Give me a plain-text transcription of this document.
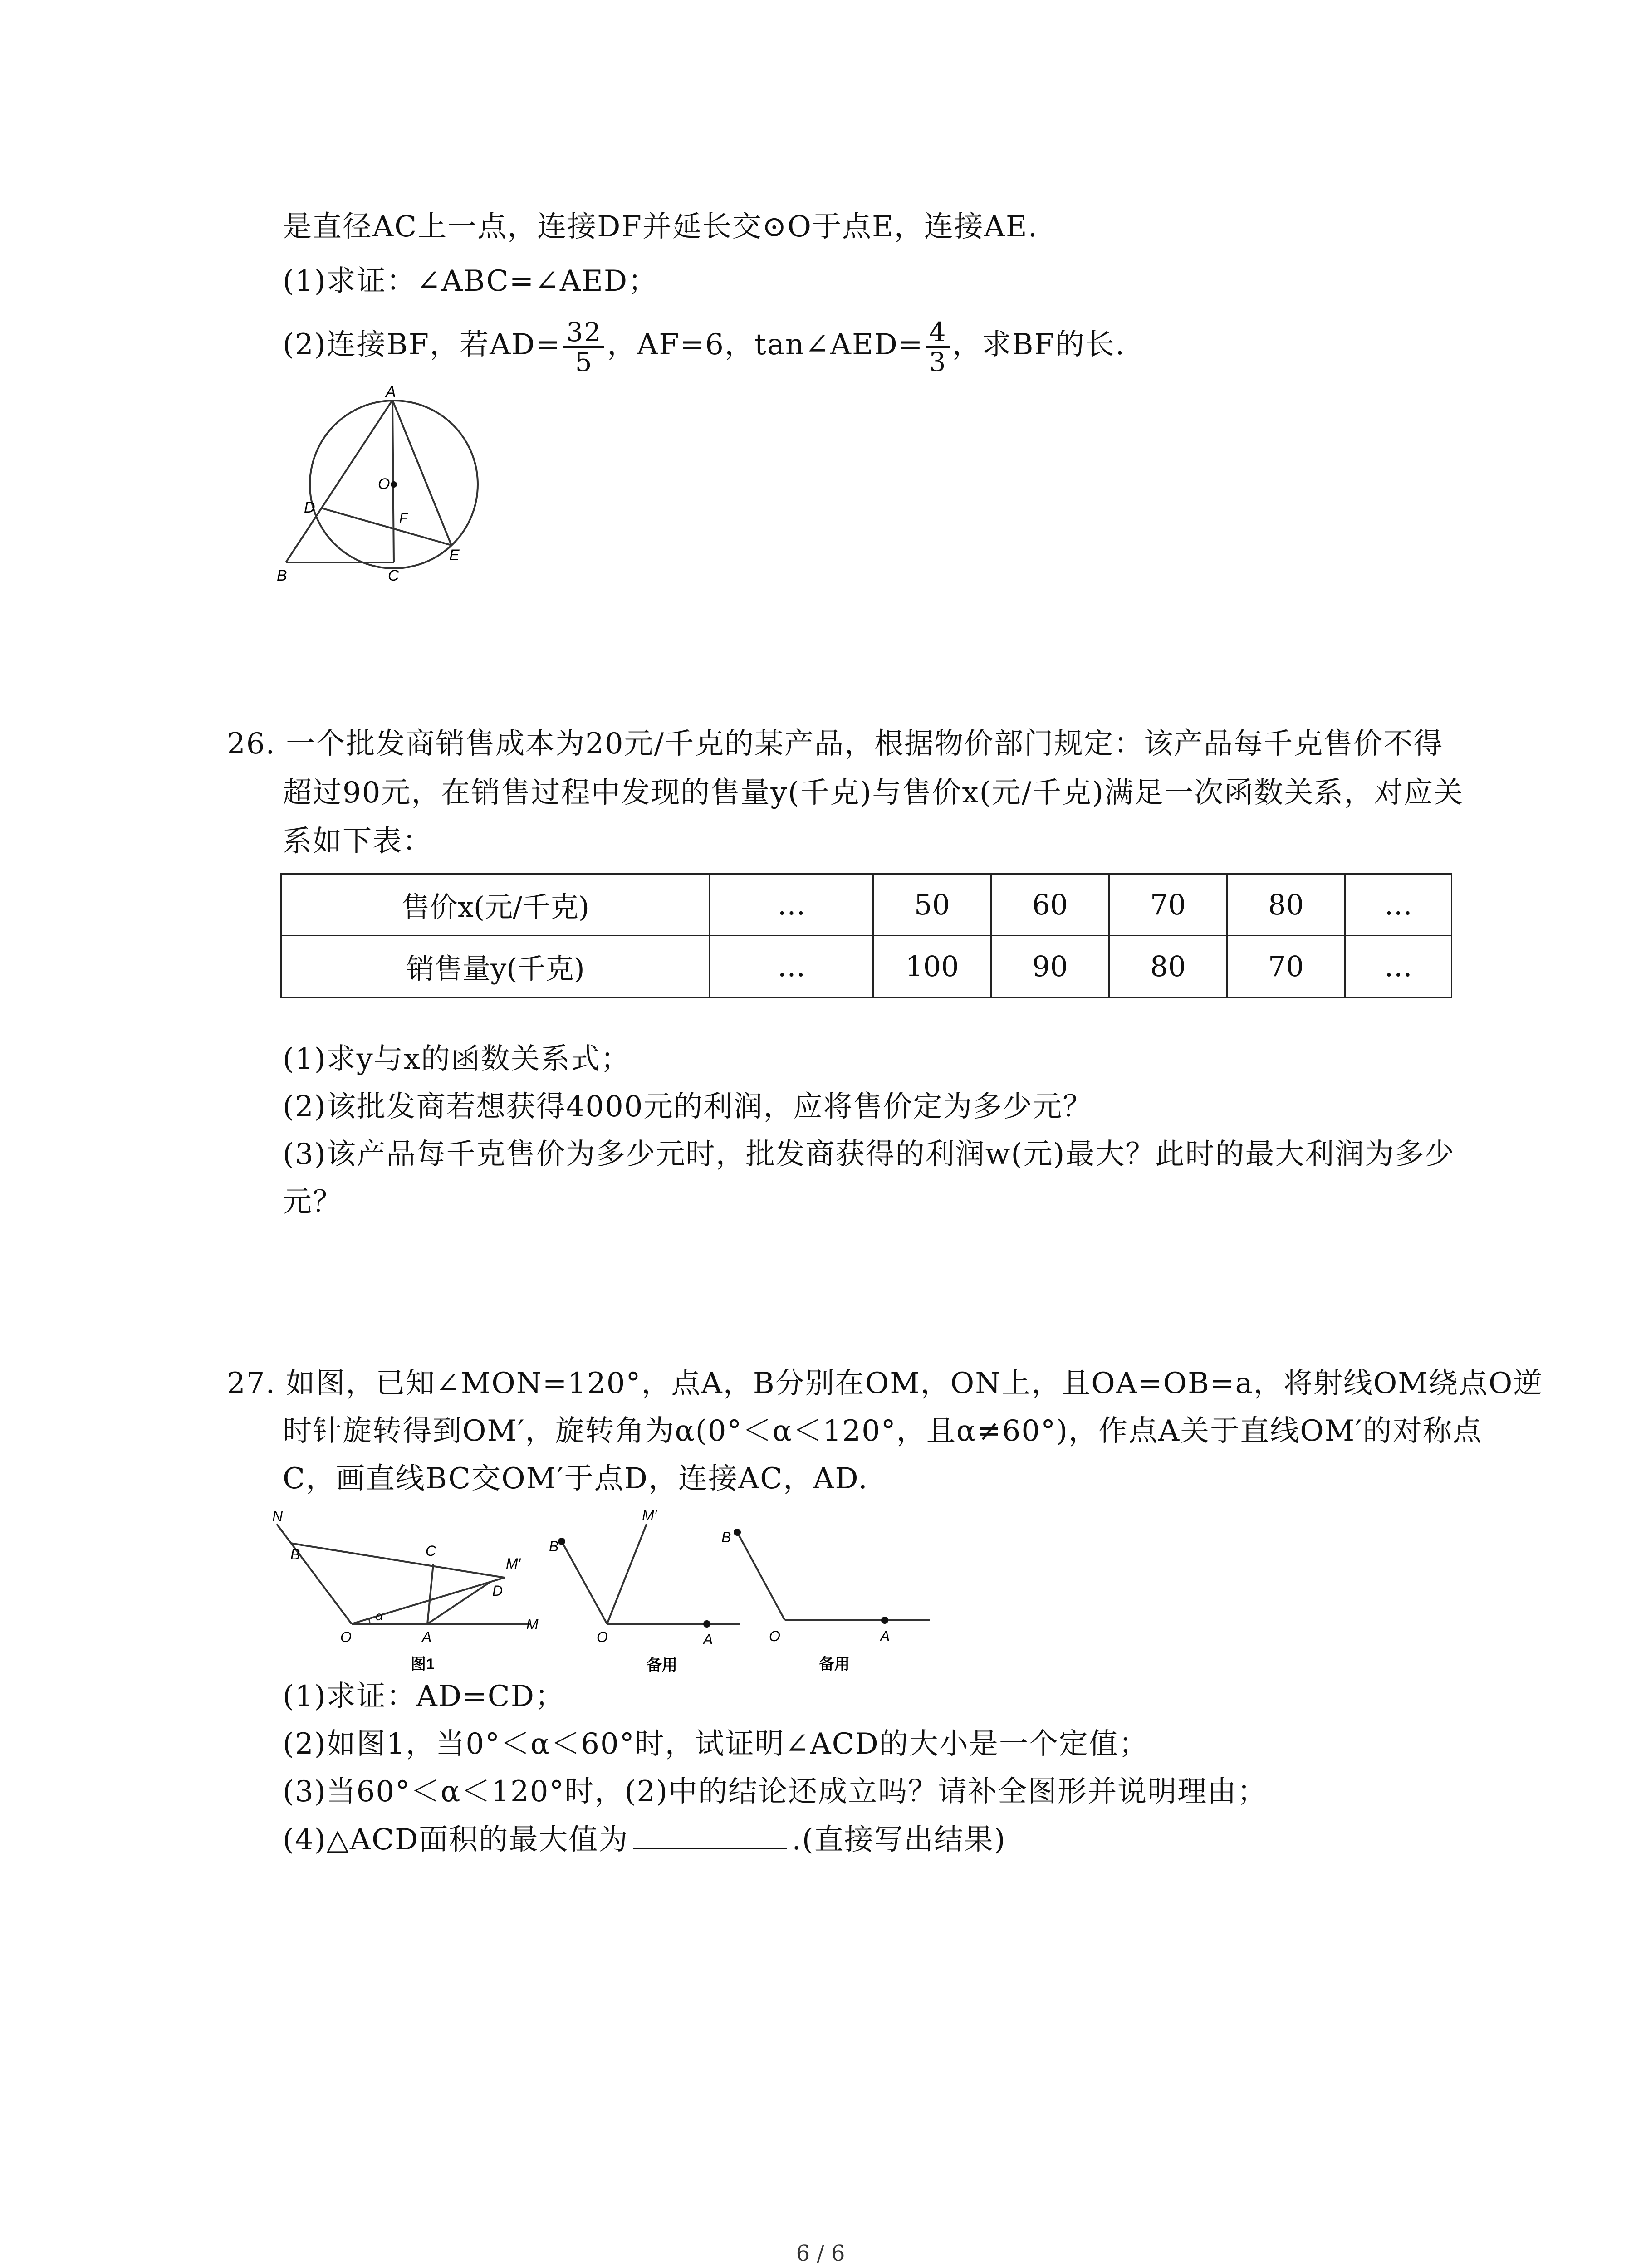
是直径AC上一点，连接DF并延长交⊙O于点E，连接AE.
(1)求证：∠ABC=∠AED；
(2)连接BF，若$AD= \frac{32}{5}$ ，AF=6，tan∠AED= $\frac{4}{3}$ ，求BF的长.
A
O
D
F
E
B	C
26. 一个批发商销售成本为20元/千克的某产品，根据物价部门规定：该产品每千克售价不得
超过90元，在销售过程中发现的售量y(千克)与售价x(元/千克)满足一次函数关系，对应关
系如下表：
售价x(元/千克)	…	50	60	70	80	…
销售量y(千克)	…	100	90	80	70	…
(1)求y与x的函数关系式；
(2)该批发商若想获得4000元的利润，应将售价定为多少元？
(3)该产品每千克售价为多少元时，批发商获得的利润w(元)最大？此时的最大利润为多少
元？
27. 如图，已知∠MON=120°，点A，B分别在OM，ON上，且OA=OB=a，将射线OM绕点O逆
时针旋转得到OM′，旋转角为α(0°＜α＜120°，且α≠60°)，作点A关于直线OM′的对称点
C，画直线BC交OM′于点D，连接AC，AD.
N
B	C
M′
D
α
O	A
M
图1
M′
B
O	A
备用
B
O	A
备用
(1)求证：AD=CD；
(2)如图1，当0°＜α＜60°时，试证明∠ACD的大小是一个定值；
(3)当60°＜α＜120°时，(2)中的结论还成立吗？请补全图形并说明理由；
(4)△ACD面积的最大值为	.(直接写出结果)
6 / 6
